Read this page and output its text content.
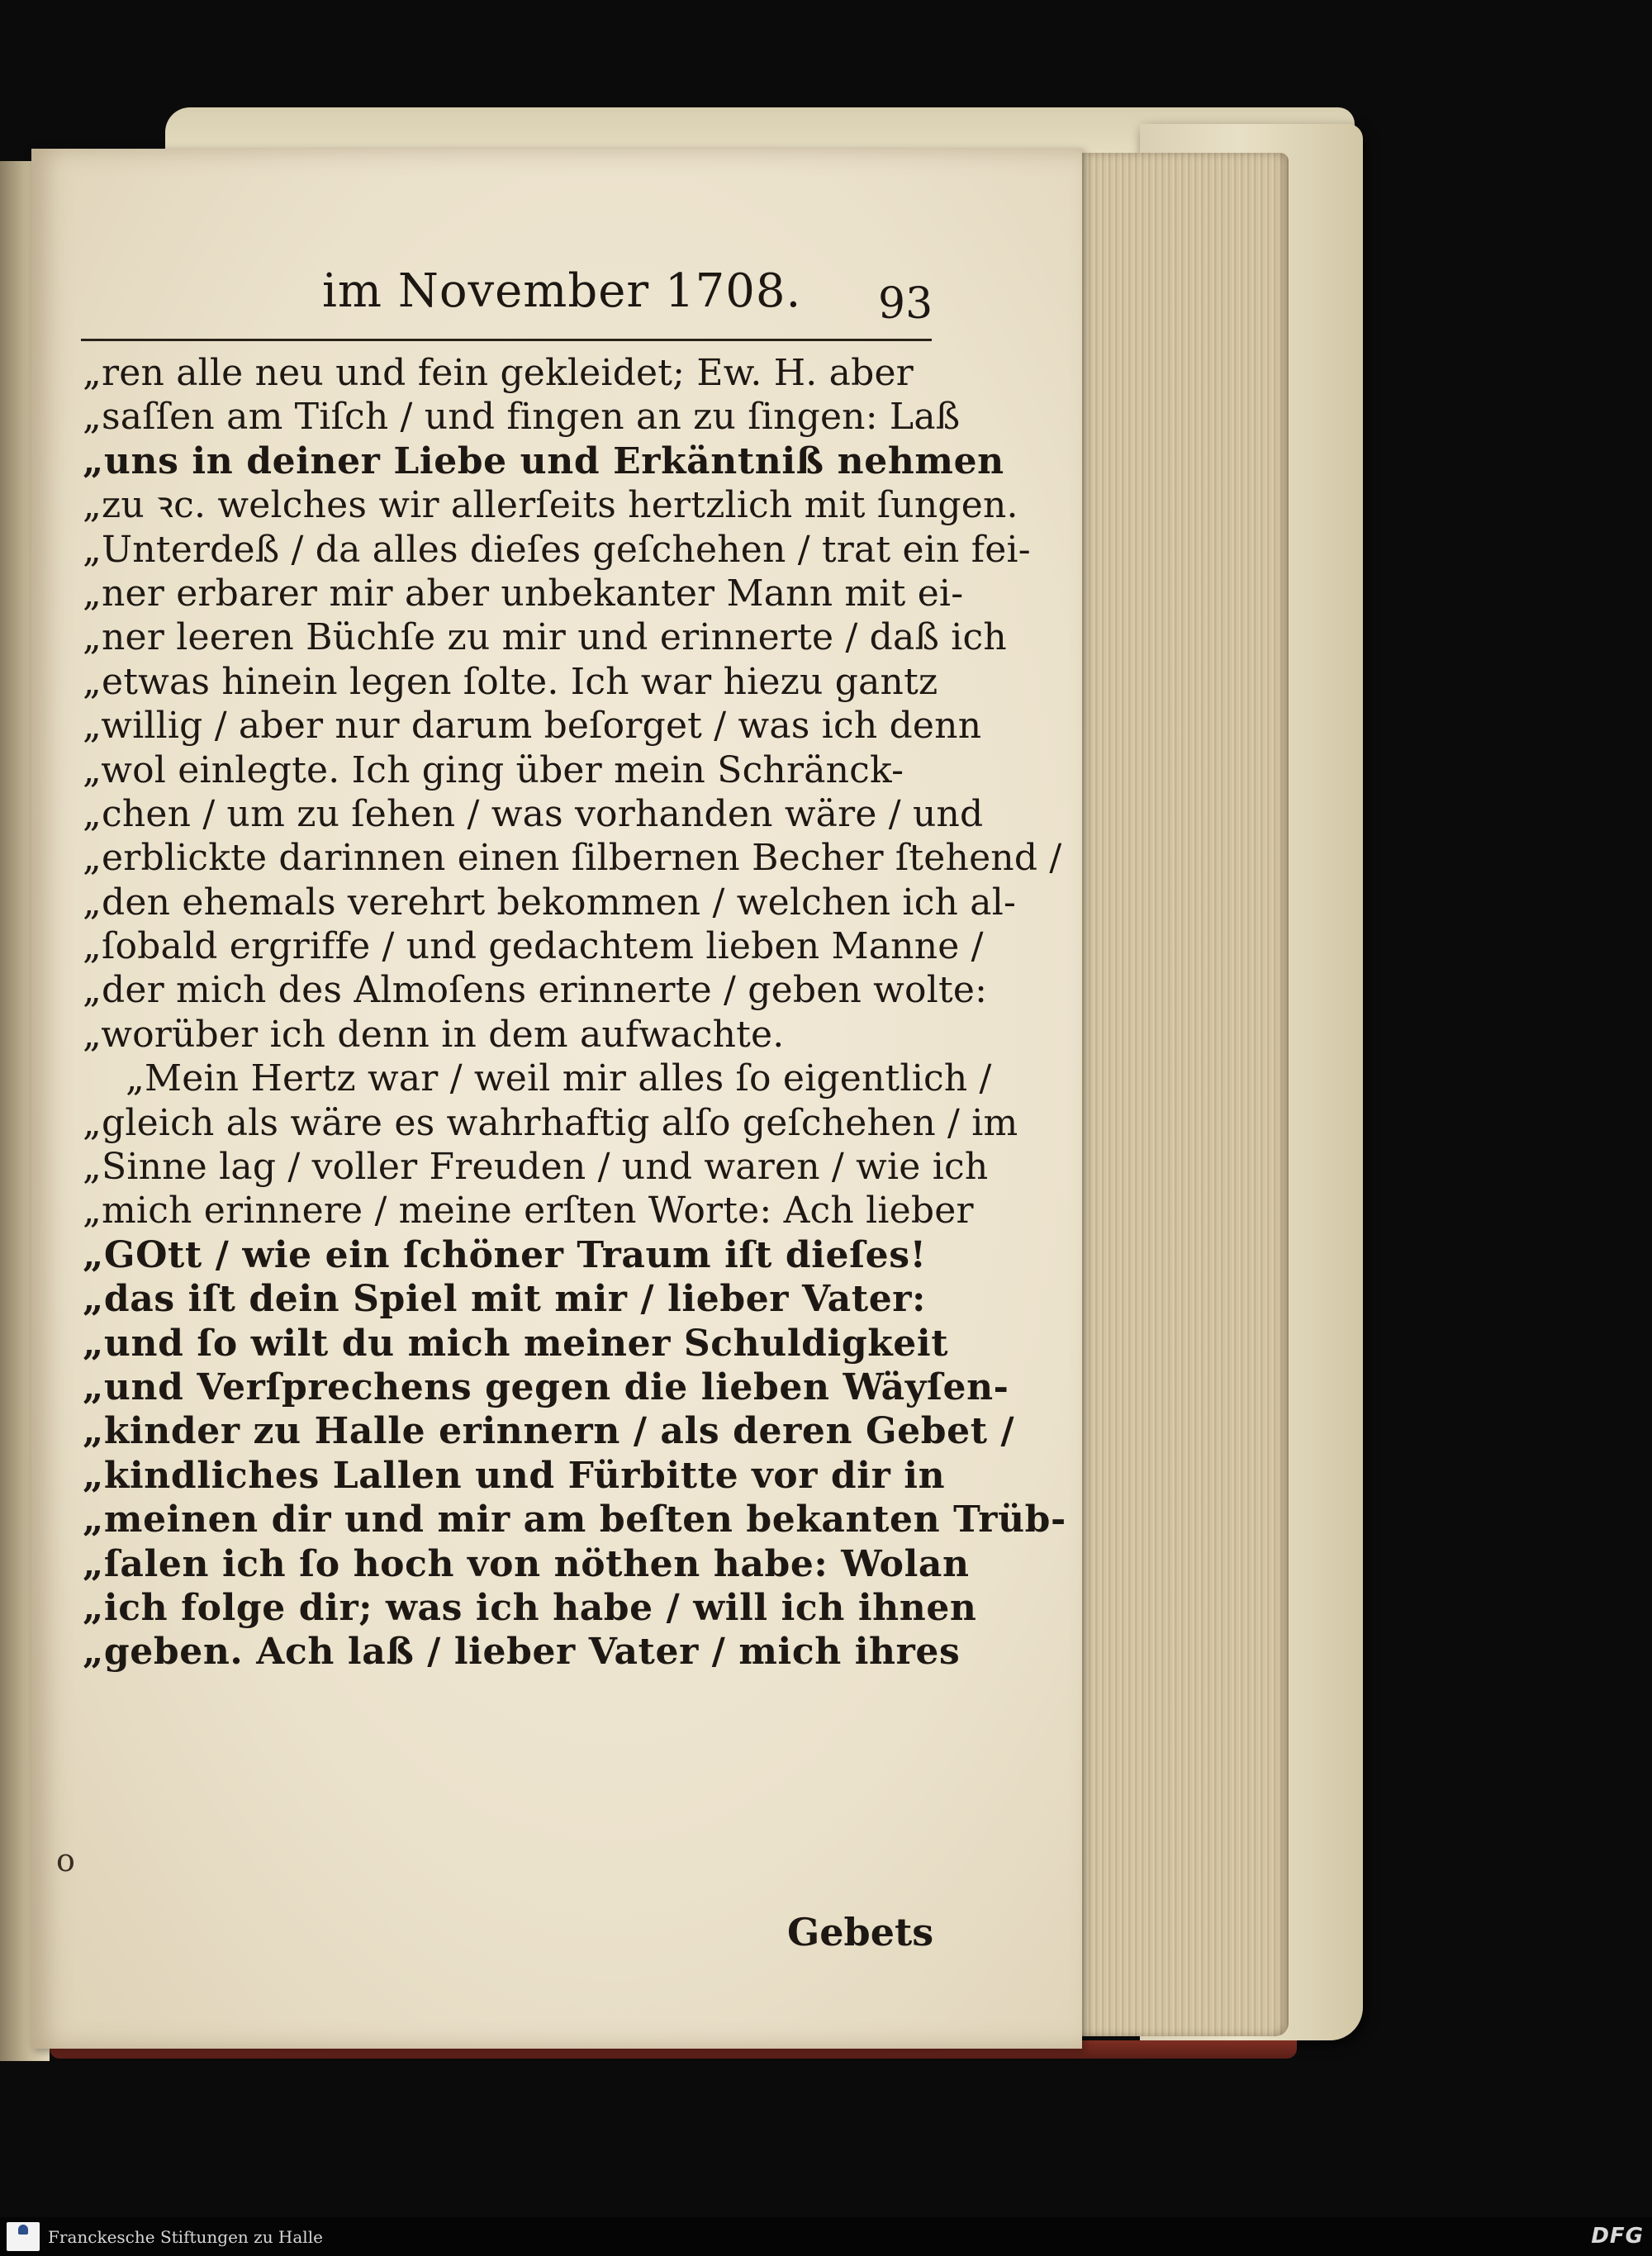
im November 1708.	93
o
„ren alle neu und fein gekleidet; Ew. H. aber
„saſſen am Tiſch / und fingen an zu ſingen: Laß
„uns in deiner Liebe und Erkäntniß nehmen
„zu ꝛc. welches wir allerſeits hertzlich mit ſungen.
„Unterdeß / da alles dieſes geſchehen / trat ein fei-
„ner erbarer mir aber unbekanter Mann mit ei-
„ner leeren Büchſe zu mir und erinnerte / daß ich
„etwas hinein legen ſolte. Ich war hiezu gantz
„willig / aber nur darum beſorget / was ich denn
„wol einlegte. Ich ging über mein Schränck-
„chen / um zu ſehen / was vorhanden wäre / und
„erblickte darinnen einen ſilbernen Becher ſtehend /
„den ehemals verehrt bekommen / welchen ich al-
„ſobald ergriffe / und gedachtem lieben Manne /
„der mich des Almoſens erinnerte / geben wolte:
„worüber ich denn in dem aufwachte.
„Mein Hertz war / weil mir alles ſo eigentlich /
„gleich als wäre es wahrhaftig alſo geſchehen / im
„Sinne lag / voller Freuden / und waren / wie ich
„mich erinnere / meine erſten Worte: Ach lieber
„GOtt / wie ein ſchöner Traum iſt dieſes!
„das iſt dein Spiel mit mir / lieber Vater:
„und ſo wilt du mich meiner Schuldigkeit
„und Verſprechens gegen die lieben Wäyſen-
„kinder zu Halle erinnern / als deren Gebet /
„kindliches Lallen und Fürbitte vor dir in
„meinen dir und mir am beſten bekanten Trüb-
„ſalen ich ſo hoch von nöthen habe: Wolan
„ich folge dir; was ich habe / will ich ihnen
„geben. Ach laß / lieber Vater / mich ihres
Gebets
Franckesche Stiftungen zu Halle	DFG
